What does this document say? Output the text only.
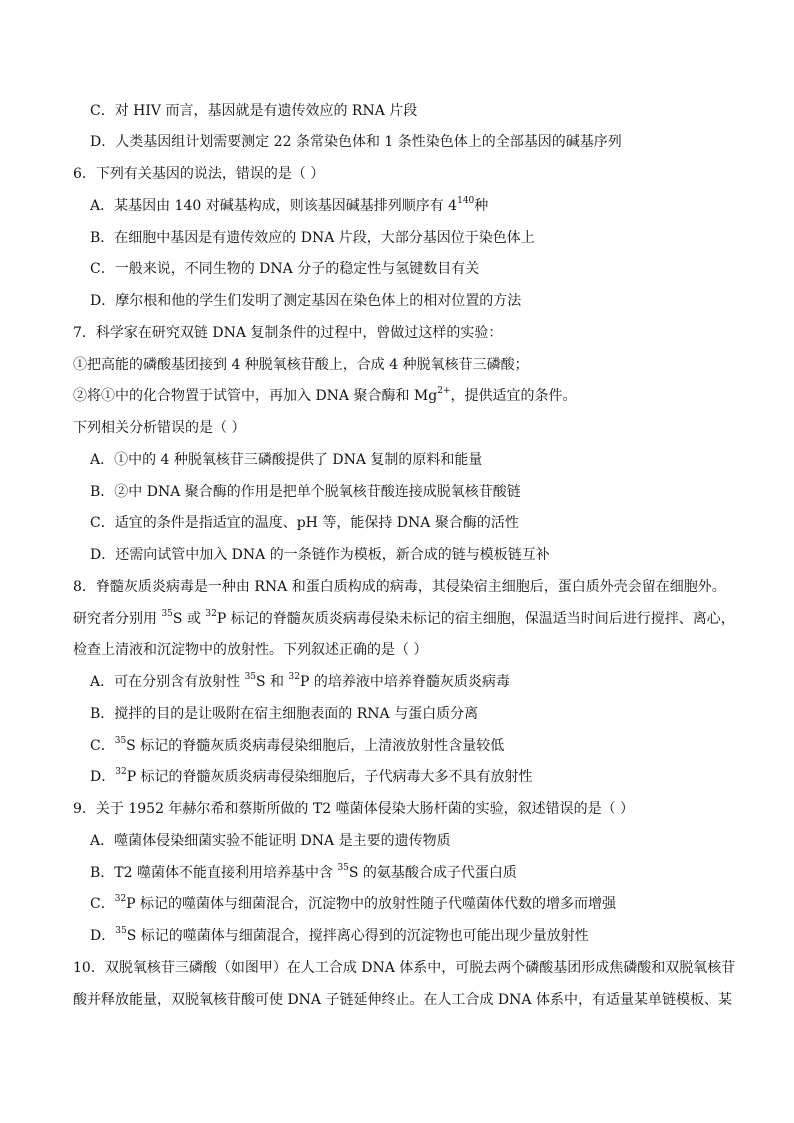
C．对 HIV 而言，基因就是有遗传效应的 RNA 片段
D．人类基因组计划需要测定 22 条常染色体和 1 条性染色体上的全部基因的碱基序列
6．下列有关基因的说法，错误的是（ ）
A．某基因由 140 对碱基构成，则该基因碱基排列顺序有 $4^{140}$种
B．在细胞中基因是有遗传效应的 DNA 片段，大部分基因位于染色体上
C．一般来说，不同生物的 DNA 分子的稳定性与氢键数目有关
D．摩尔根和他的学生们发明了测定基因在染色体上的相对位置的方法
7．科学家在研究双链 DNA 复制条件的过程中，曾做过这样的实验：
①把高能的磷酸基团接到 4 种脱氧核苷酸上，合成 4 种脱氧核苷三磷酸；
②将①中的化合物置于试管中，再加入 DNA 聚合酶和 $Mg^{2+}$，提供适宜的条件。
下列相关分析错误的是（ ）
A．①中的 4 种脱氧核苷三磷酸提供了 DNA 复制的原料和能量
B．②中 DNA 聚合酶的作用是把单个脱氧核苷酸连接成脱氧核苷酸链
C．适宜的条件是指适宜的温度、pH 等，能保持 DNA 聚合酶的活性
D．还需向试管中加入 DNA 的一条链作为模板，新合成的链与模板链互补
8．脊髓灰质炎病毒是一种由 RNA 和蛋白质构成的病毒，其侵染宿主细胞后，蛋白质外壳会留在细胞外。
研究者分别用 $^{35}$S 或 $^{32}$P 标记的脊髓灰质炎病毒侵染未标记的宿主细胞，保温适当时间后进行搅拌、离心，
检查上清液和沉淀物中的放射性。下列叙述正确的是（ ）
A．可在分别含有放射性 $^{35}$S 和 $^{32}$P 的培养液中培养脊髓灰质炎病毒
B．搅拌的目的是让吸附在宿主细胞表面的 RNA 与蛋白质分离
C．$^{35}$S 标记的脊髓灰质炎病毒侵染细胞后，上清液放射性含量较低
D．$^{32}$P 标记的脊髓灰质炎病毒侵染细胞后，子代病毒大多不具有放射性
9．关于 1952 年赫尔希和蔡斯所做的 T2 噬菌体侵染大肠杆菌的实验，叙述错误的是（ ）
A．噬菌体侵染细菌实验不能证明 DNA 是主要的遗传物质
B．T2 噬菌体不能直接利用培养基中含 $^{35}$S 的氨基酸合成子代蛋白质
C．$^{32}$P 标记的噬菌体与细菌混合，沉淀物中的放射性随子代噬菌体代数的增多而增强
D．$^{35}$S 标记的噬菌体与细菌混合，搅拌离心得到的沉淀物也可能出现少量放射性
10．双脱氧核苷三磷酸（如图甲）在人工合成 DNA 体系中，可脱去两个磷酸基团形成焦磷酸和双脱氧核苷
酸并释放能量，双脱氧核苷酸可使 DNA 子链延伸终止。在人工合成 DNA 体系中，有适量某单链模板、某
